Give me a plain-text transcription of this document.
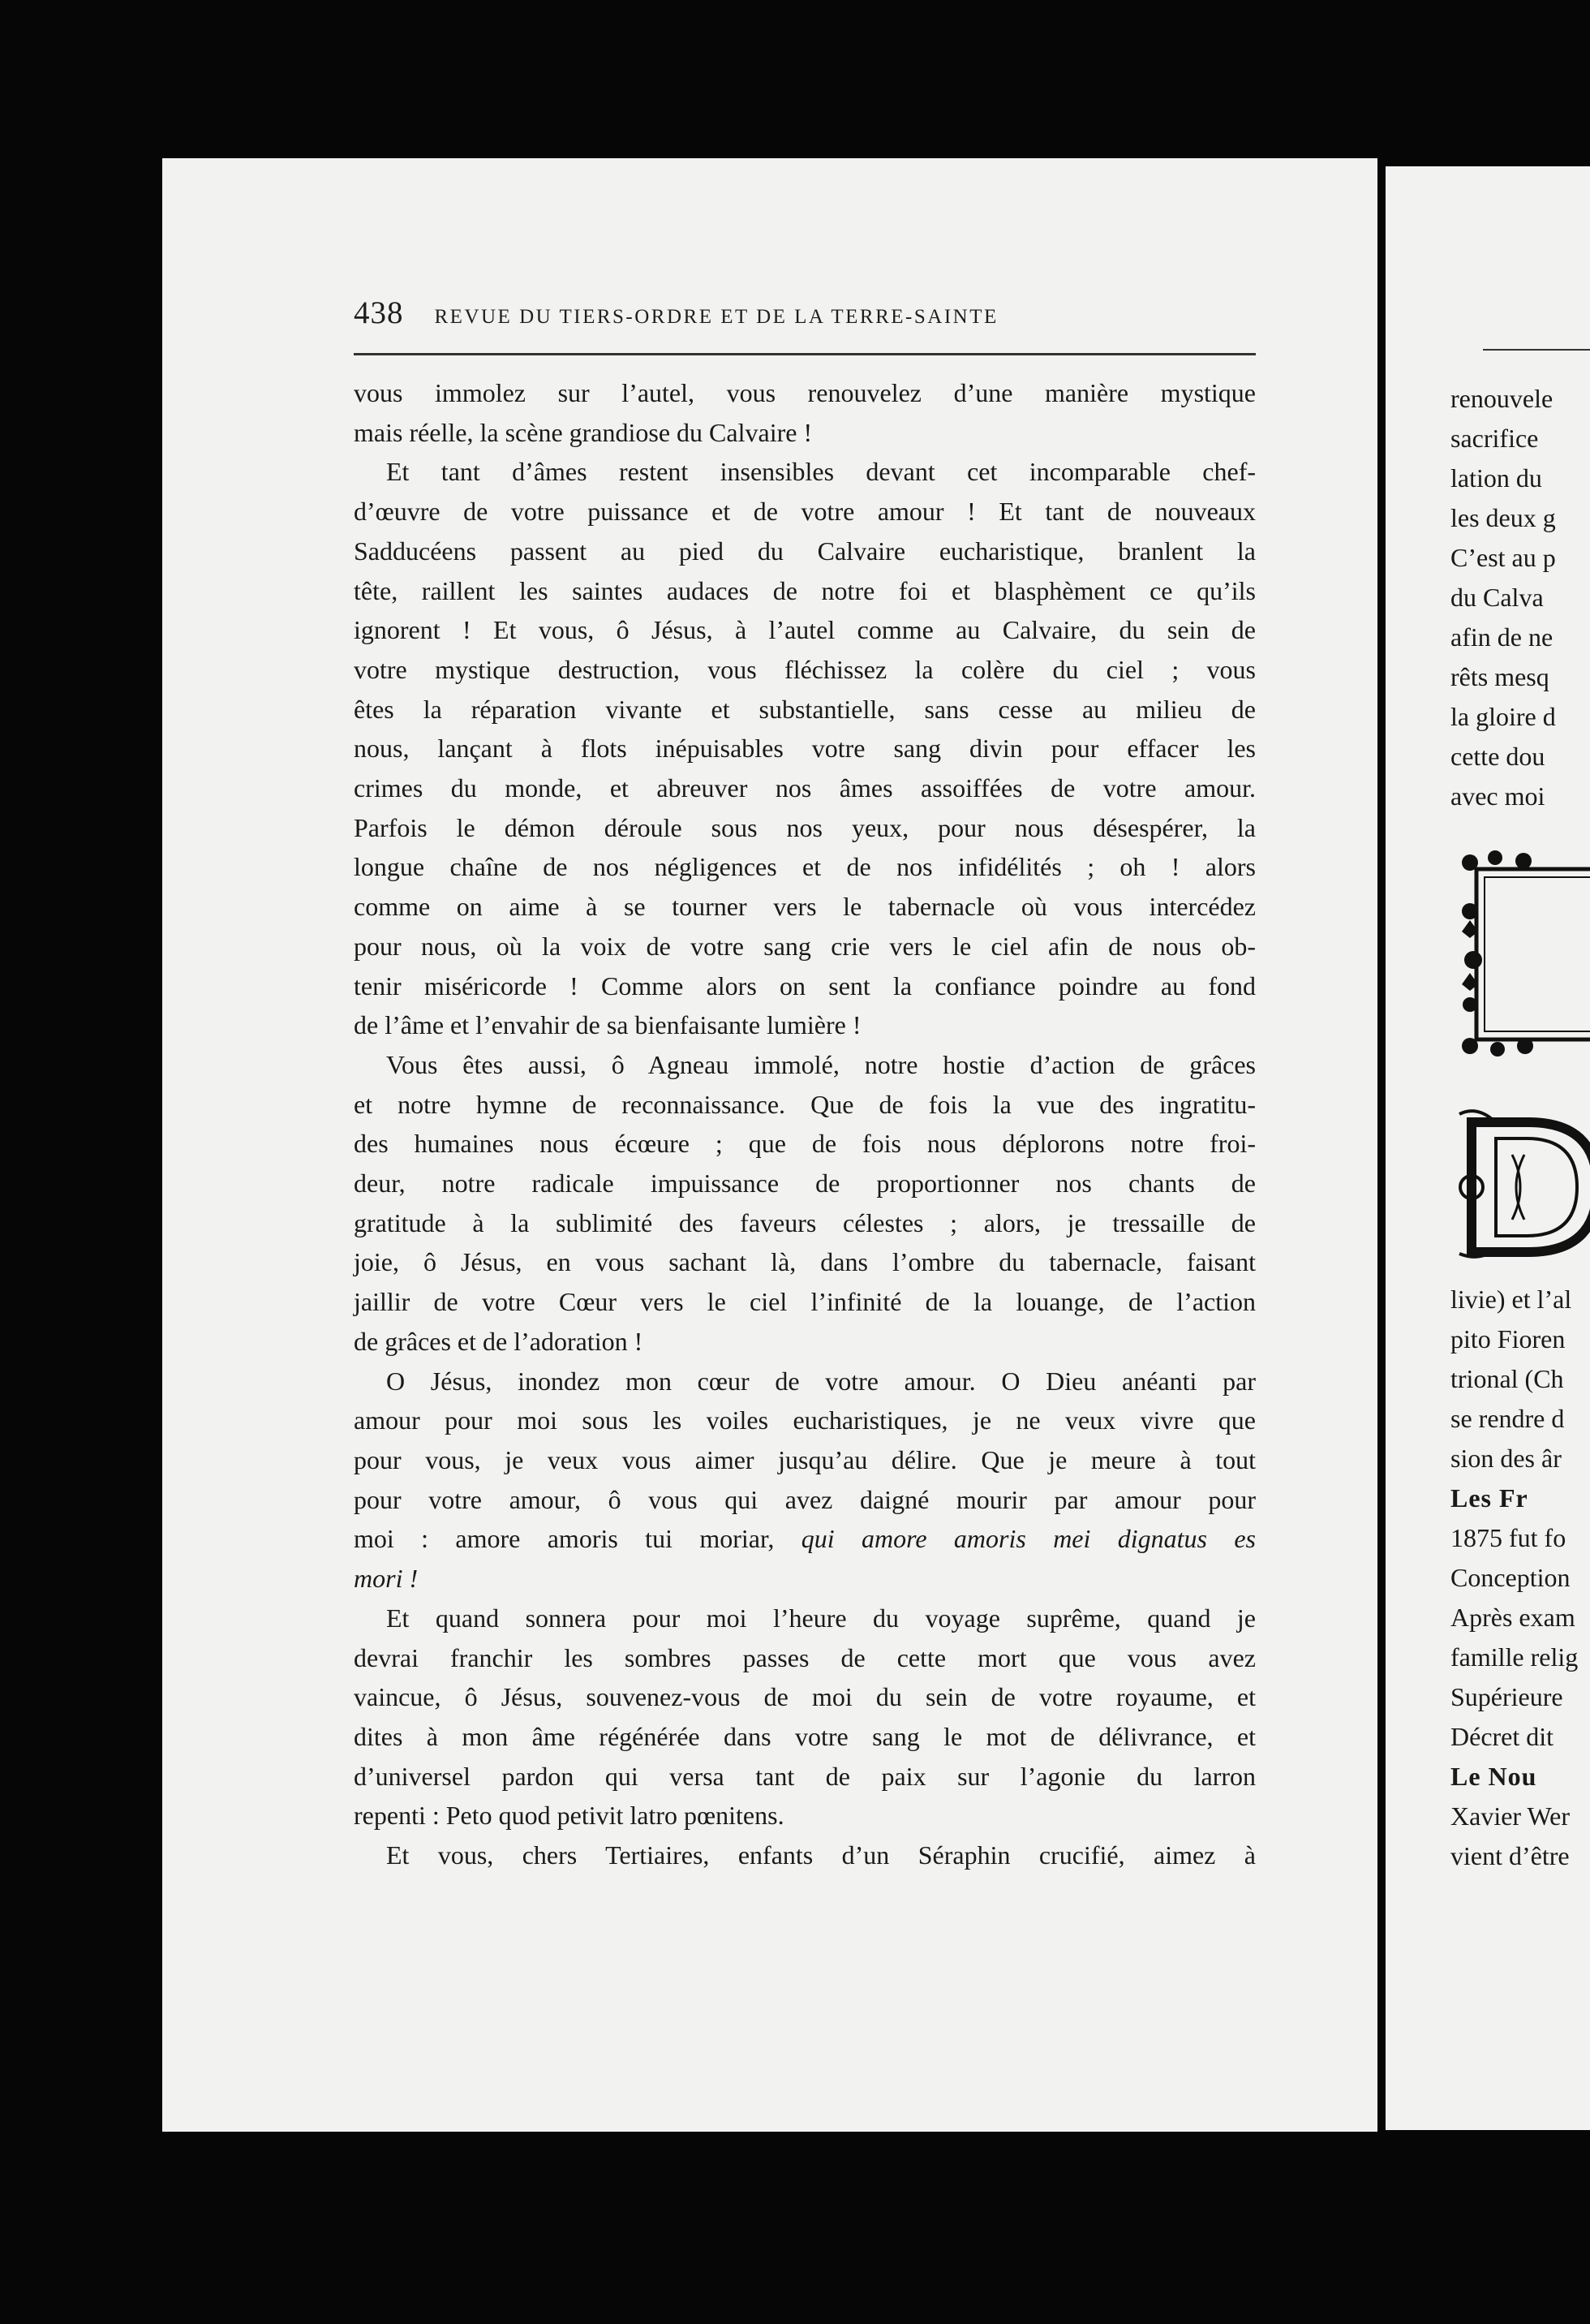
438 REVUE DU TIERS-ORDRE ET DE LA TERRE-SAINTE
vous immolez sur l’autel, vous renouvelez d’une manière mystique
mais réelle, la scène grandiose du Calvaire !
Et tant d’âmes restent insensibles devant cet incomparable chef-
d’œuvre de votre puissance et de votre amour ! Et tant de nouveaux
Sadducéens passent au pied du Calvaire eucharistique, branlent la
tête, raillent les saintes audaces de notre foi et blasphèment ce qu’ils
ignorent ! Et vous, ô Jésus, à l’autel comme au Calvaire, du sein de
votre mystique destruction, vous fléchissez la colère du ciel ; vous
êtes la réparation vivante et substantielle, sans cesse au milieu de
nous, lançant à flots inépuisables votre sang divin pour effacer les
crimes du monde, et abreuver nos âmes assoiffées de votre amour.
Parfois le démon déroule sous nos yeux, pour nous désespérer, la
longue chaîne de nos négligences et de nos infidélités ; oh ! alors
comme on aime à se tourner vers le tabernacle où vous intercédez
pour nous, où la voix de votre sang crie vers le ciel afin de nous ob-
tenir miséricorde ! Comme alors on sent la confiance poindre au fond
de l’âme et l’envahir de sa bienfaisante lumière !
Vous êtes aussi, ô Agneau immolé, notre hostie d’action de grâces
et notre hymne de reconnaissance. Que de fois la vue des ingratitu-
des humaines nous écœure ; que de fois nous déplorons notre froi-
deur, notre radicale impuissance de proportionner nos chants de
gratitude à la sublimité des faveurs célestes ; alors, je tressaille de
joie, ô Jésus, en vous sachant là, dans l’ombre du tabernacle, faisant
jaillir de votre Cœur vers le ciel l’infinité de la louange, de l’action
de grâces et de l’adoration !
O Jésus, inondez mon cœur de votre amour. O Dieu anéanti par
amour pour moi sous les voiles eucharistiques, je ne veux vivre que
pour vous, je veux vous aimer jusqu’au délire. Que je meure à tout
pour votre amour, ô vous qui avez daigné mourir par amour pour
moi : amore amoris tui moriar, qui amore amoris mei dignatus es
mori !
Et quand sonnera pour moi l’heure du voyage suprême, quand je
devrai franchir les sombres passes de cette mort que vous avez
vaincue, ô Jésus, souvenez-vous de moi du sein de votre royaume, et
dites à mon âme régénérée dans votre sang le mot de délivrance, et
d’universel pardon qui versa tant de paix sur l’agonie du larron
repenti : Peto quod petivit latro pœnitens.
Et vous, chers Tertiaires, enfants d’un Séraphin crucifié, aimez à
renouvele
sacrifice
lation du
les deux g
C’est au p
du Calva
afin de ne
rêts mesq
la gloire d
cette dou
avec moi
livie) et l’al
pito Fioren
trional (Ch
se rendre d
sion des âr
Les Fr
1875 fut fo
Conception
Après exam
famille relig
Supérieure
Décret dit
Le Nou
Xavier Wer
vient d’être
